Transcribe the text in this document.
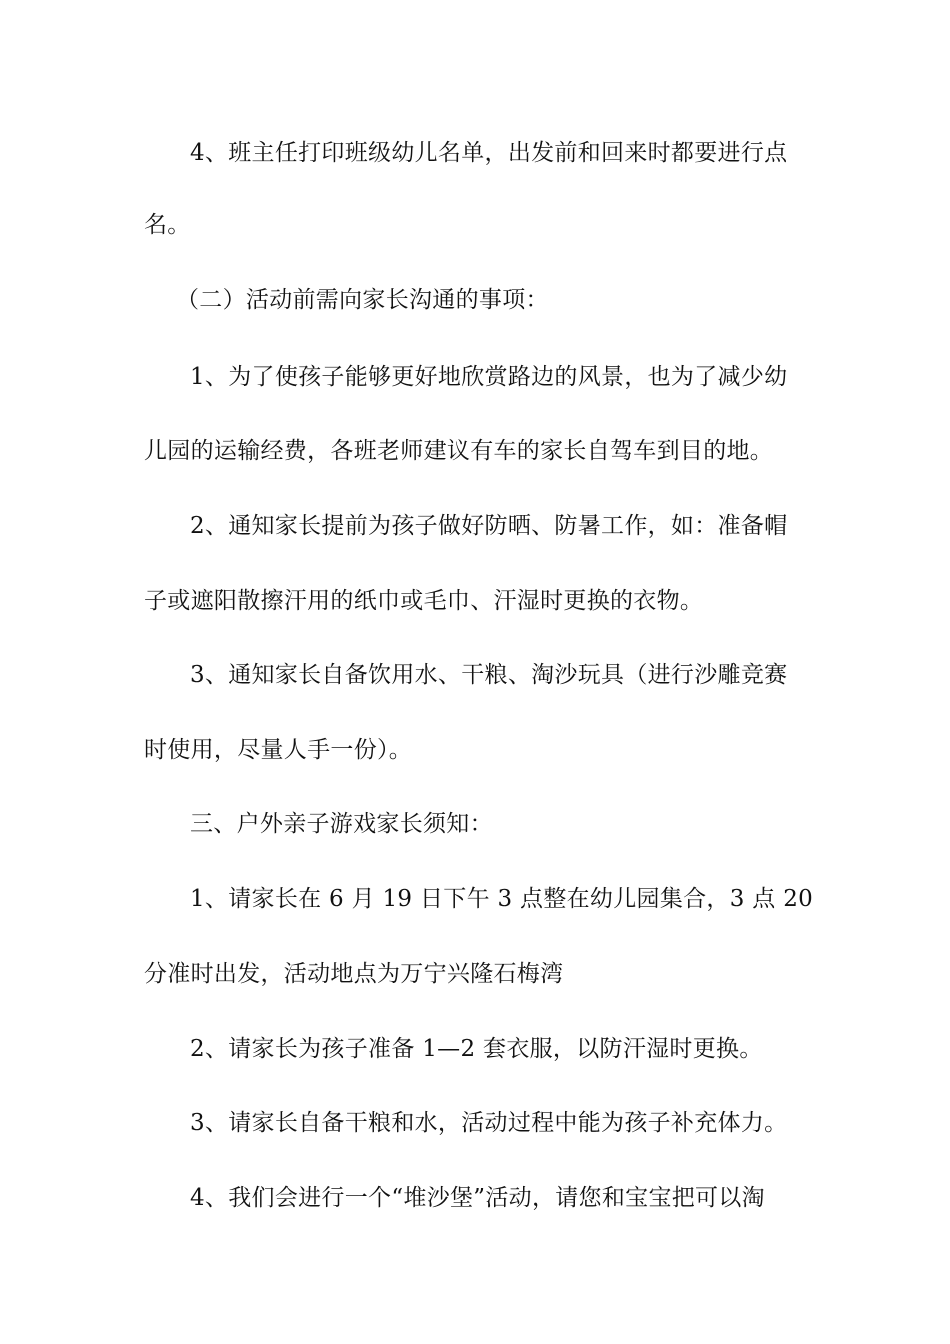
4、班主任打印班级幼儿名单，出发前和回来时都要进行点
名。
（二）活动前需向家长沟通的事项：
1、为了使孩子能够更好地欣赏路边的风景，也为了减少幼
儿园的运输经费，各班老师建议有车的家长自驾车到目的地。
2、通知家长提前为孩子做好防晒、防暑工作，如：准备帽
子或遮阳散擦汗用的纸巾或毛巾、汗湿时更换的衣物。
3、通知家长自备饮用水、干粮、淘沙玩具（进行沙雕竞赛
时使用，尽量人手一份）。
三、户外亲子游戏家长须知：
1、请家长在 6 月 19 日下午 3 点整在幼儿园集合，3 点 20
分准时出发，活动地点为万宁兴隆石梅湾
2、请家长为孩子准备 1—2 套衣服，以防汗湿时更换。
3、请家长自备干粮和水，活动过程中能为孩子补充体力。
4、我们会进行一个“堆沙堡”活动，请您和宝宝把可以淘
